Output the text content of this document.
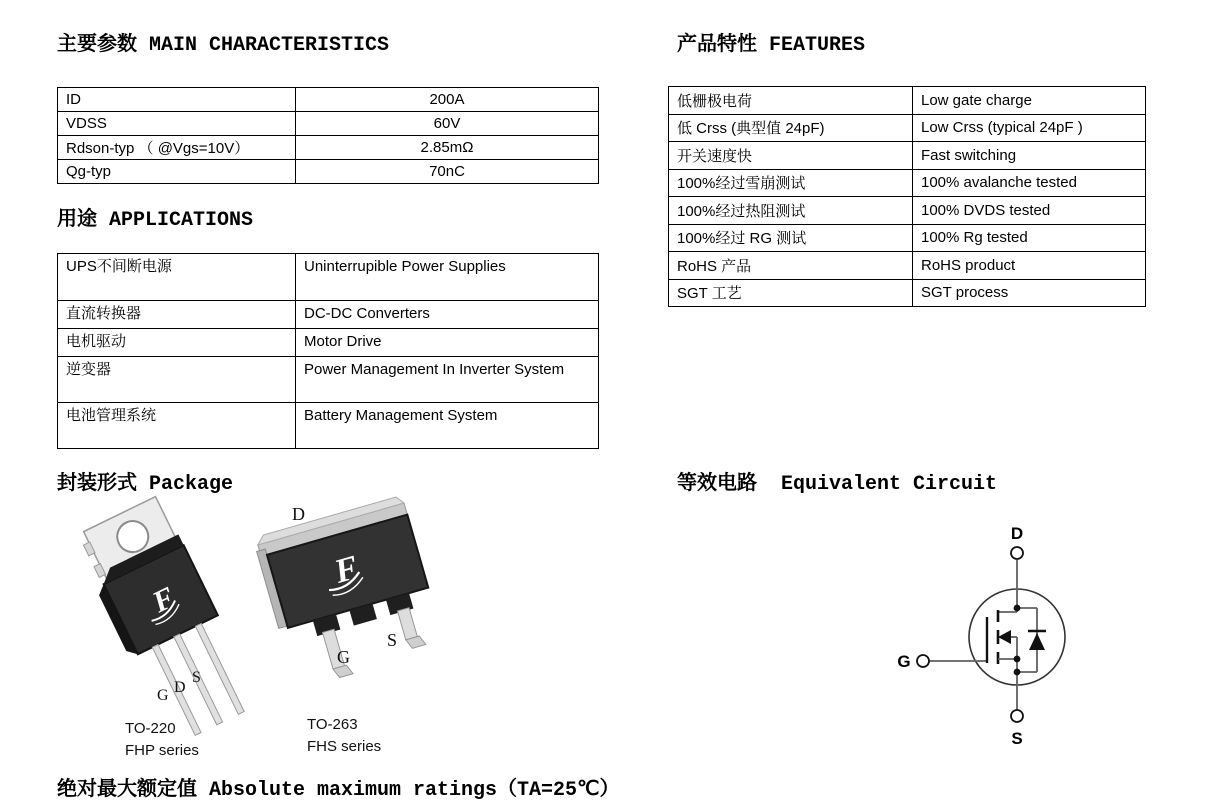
主要参数 MAIN CHARACTERISTICS
ID	200A
VDSS	60V
Rdson-typ （ @Vgs=10V）	2.85mΩ
Qg-typ	70nC
用途 APPLICATIONS
UPS不间断电源	Uninterrupible Power Supplies
直流转换器	DC-DC Converters
电机驱动	Motor Drive
逆变器	Power Management In Inverter System
电池管理系统	Battery Management System
封装形式 Package
F
G D
S
TO-220
FHP series
F
D
G
S
TO-263
FHS series
产品特性 FEATURES
低栅极电荷	Low gate charge
低 Crss (典型值 24pF)	Low Crss (typical 24pF )
开关速度快	Fast switching
100%经过雪崩测试	100% avalanche tested
100%经过热阻测试	100% DVDS tested
100%经过 RG 测试	100% Rg tested
RoHS 产品	RoHS product
SGT 工艺	SGT process
等效电路  Equivalent Circuit
D
G
S
绝对最大额定值 Absolute maximum ratings（TA=25℃）
